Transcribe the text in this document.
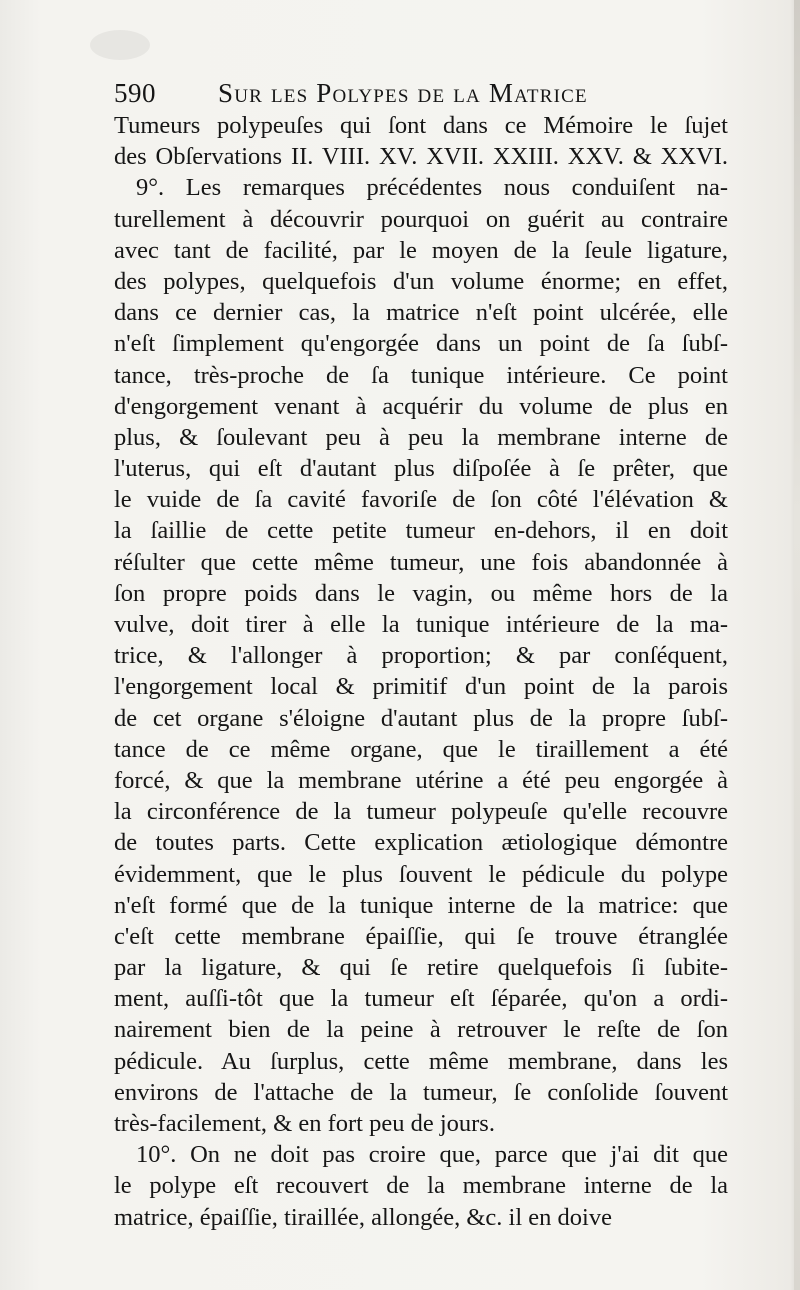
590 Sur les Polypes de la Matrice
Tumeurs polypeuſes qui ſont dans ce Mémoire le ſujet
des Obſervations II. VIII. XV. XVII. XXIII. XXV. & XXVI.
9°. Les remarques précédentes nous conduiſent na-
turellement à découvrir pourquoi on guérit au contraire
avec tant de facilité, par le moyen de la ſeule ligature,
des polypes, quelquefois d'un volume énorme; en effet,
dans ce dernier cas, la matrice n'eſt point ulcérée, elle
n'eſt ſimplement qu'engorgée dans un point de ſa ſubſ-
tance, très-proche de ſa tunique intérieure. Ce point
d'engorgement venant à acquérir du volume de plus en
plus, & ſoulevant peu à peu la membrane interne de
l'uterus, qui eſt d'autant plus diſpoſée à ſe prêter, que
le vuide de ſa cavité favoriſe de ſon côté l'élévation &
la ſaillie de cette petite tumeur en-dehors, il en doit
réſulter que cette même tumeur, une fois abandonnée à
ſon propre poids dans le vagin, ou même hors de la
vulve, doit tirer à elle la tunique intérieure de la ma-
trice, & l'allonger à proportion; & par conſéquent,
l'engorgement local & primitif d'un point de la parois
de cet organe s'éloigne d'autant plus de la propre ſubſ-
tance de ce même organe, que le tiraillement a été
forcé, & que la membrane utérine a été peu engorgée à
la circonférence de la tumeur polypeuſe qu'elle recouvre
de toutes parts. Cette explication ætiologique démontre
évidemment, que le plus ſouvent le pédicule du polype
n'eſt formé que de la tunique interne de la matrice: que
c'eſt cette membrane épaiſſie, qui ſe trouve étranglée
par la ligature, & qui ſe retire quelquefois ſi ſubite-
ment, auſſi-tôt que la tumeur eſt ſéparée, qu'on a ordi-
nairement bien de la peine à retrouver le reſte de ſon
pédicule. Au ſurplus, cette même membrane, dans les
environs de l'attache de la tumeur, ſe conſolide ſouvent
très-facilement, & en fort peu de jours.
10°. On ne doit pas croire que, parce que j'ai dit que
le polype eſt recouvert de la membrane interne de la
matrice, épaiſſie, tiraillée, allongée, &c. il en doive
